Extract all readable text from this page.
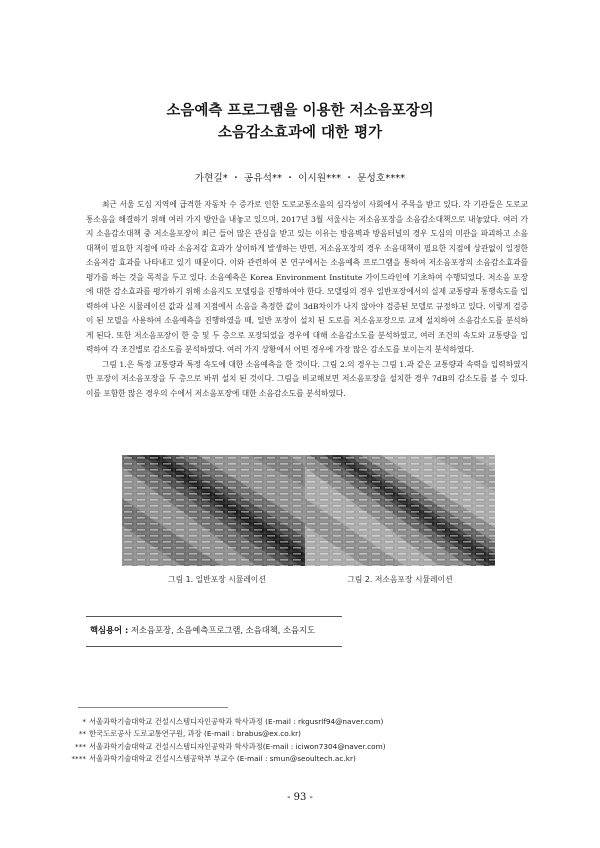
소음예측 프로그램을 이용한 저소음포장의
소음감소효과에 대한 평가
가현길* ・ 공유석** ・ 이시원*** ・ 문성호****

최근 서울 도심 지역에 급격한 자동차 수 증가로 인한 도로교통소음의 심각성이 사회에서 주목을 받고 있다. 각 기관들은 도로교통소음을 해결하기 위해 여러 가지 방안을 내놓고 있으며, 2017년 3월 서울시는 저소음포장을 소음감소대책으로 내놓았다. 여러 가지 소음감소대책 중 저소음포장이 최근 들어 많은 관심을 받고 있는 이유는 방음벽과 방음터널의 경우 도심의 미관을 파괴하고 소음대책이 필요한 지점에 따라 소음저감 효과가 상이하게 발생하는 반면, 저소음포장의 경우 소음대책이 필요한 지점에 상관없이 일정한 소음저감 효과를 나타내고 있기 때문이다. 이와 관련하여 본 연구에서는 소음예측 프로그램을 통하여 저소음포장의 소음감소효과를 평가를 하는 것을 목적을 두고 있다. 소음예측은 Korea Environment Institute 가이드라인에 기초하여 수행되었다. 저소음 포장에 대한 감소효과를 평가하기 위해 소음지도 모델링을 진행하여야 한다. 모델링의 경우 일반포장에서의 실제 교통량과 통행속도를 입력하여 나온 시뮬레이션 값과 실제 지점에서 소음을 측정한 값이 3dB차이가 나지 않아야 검증된 모델로 규정하고 있다. 이렇게 검증이 된 모델을 사용하여 소음예측을 진행하였을 때, 일반 포장이 설치 된 도로를 저소음포장으로 교체 설치하여 소음감소도를 분석하게 된다. 또한 저소음포장이 한 층 및 두 층으로 포장되었을 경우에 대해 소음감소도를 분석하였고, 여러 조건의 속도와 교통량을 입력하여 각 조건별로 감소도를 분석하였다. 여러 가지 상황에서 어떤 경우에 가장 많은 감소도를 보이는지 분석하였다.

그림 1.은 특정 교통량과 특정 속도에 대한 소음예측을 한 것이다. 그림 2.의 경우는 그림 1.과 같은 교통량과 속력을 입력하였지만 포장이 저소음포장을 두 층으로 바뀌 설치 된 것이다. 그림을 비교해보면 저소음포장을 설치한 경우 7dB의 감소도를 볼 수 있다. 이를 포함한 많은 경우의 수에서 저소음포장에 대한 소음감소도를 분석하였다.

그림 1. 일반포장 시뮬레이션	그림 2. 저소음포장 시뮬레이션
핵심용어 : 저소음포장, 소음예측프로그램, 소음대책, 소음지도
* 서울과학기술대학교 건설시스템디자인공학과 학사과정 (E-mail : rkgusrlf94@naver.com)
** 한국도로공사 도로교통연구원, 과장 (E-mail : brabus@ex.co.kr)
*** 서울과학기술대학교 건설시스템디자인공학과 학사과정(E-mail : iciwon7304@naver.com)
**** 서울과학기술대학교 건설시스템공학부 부교수 (E-mail : smun@seoultech.ac.kr)
- 93 -
